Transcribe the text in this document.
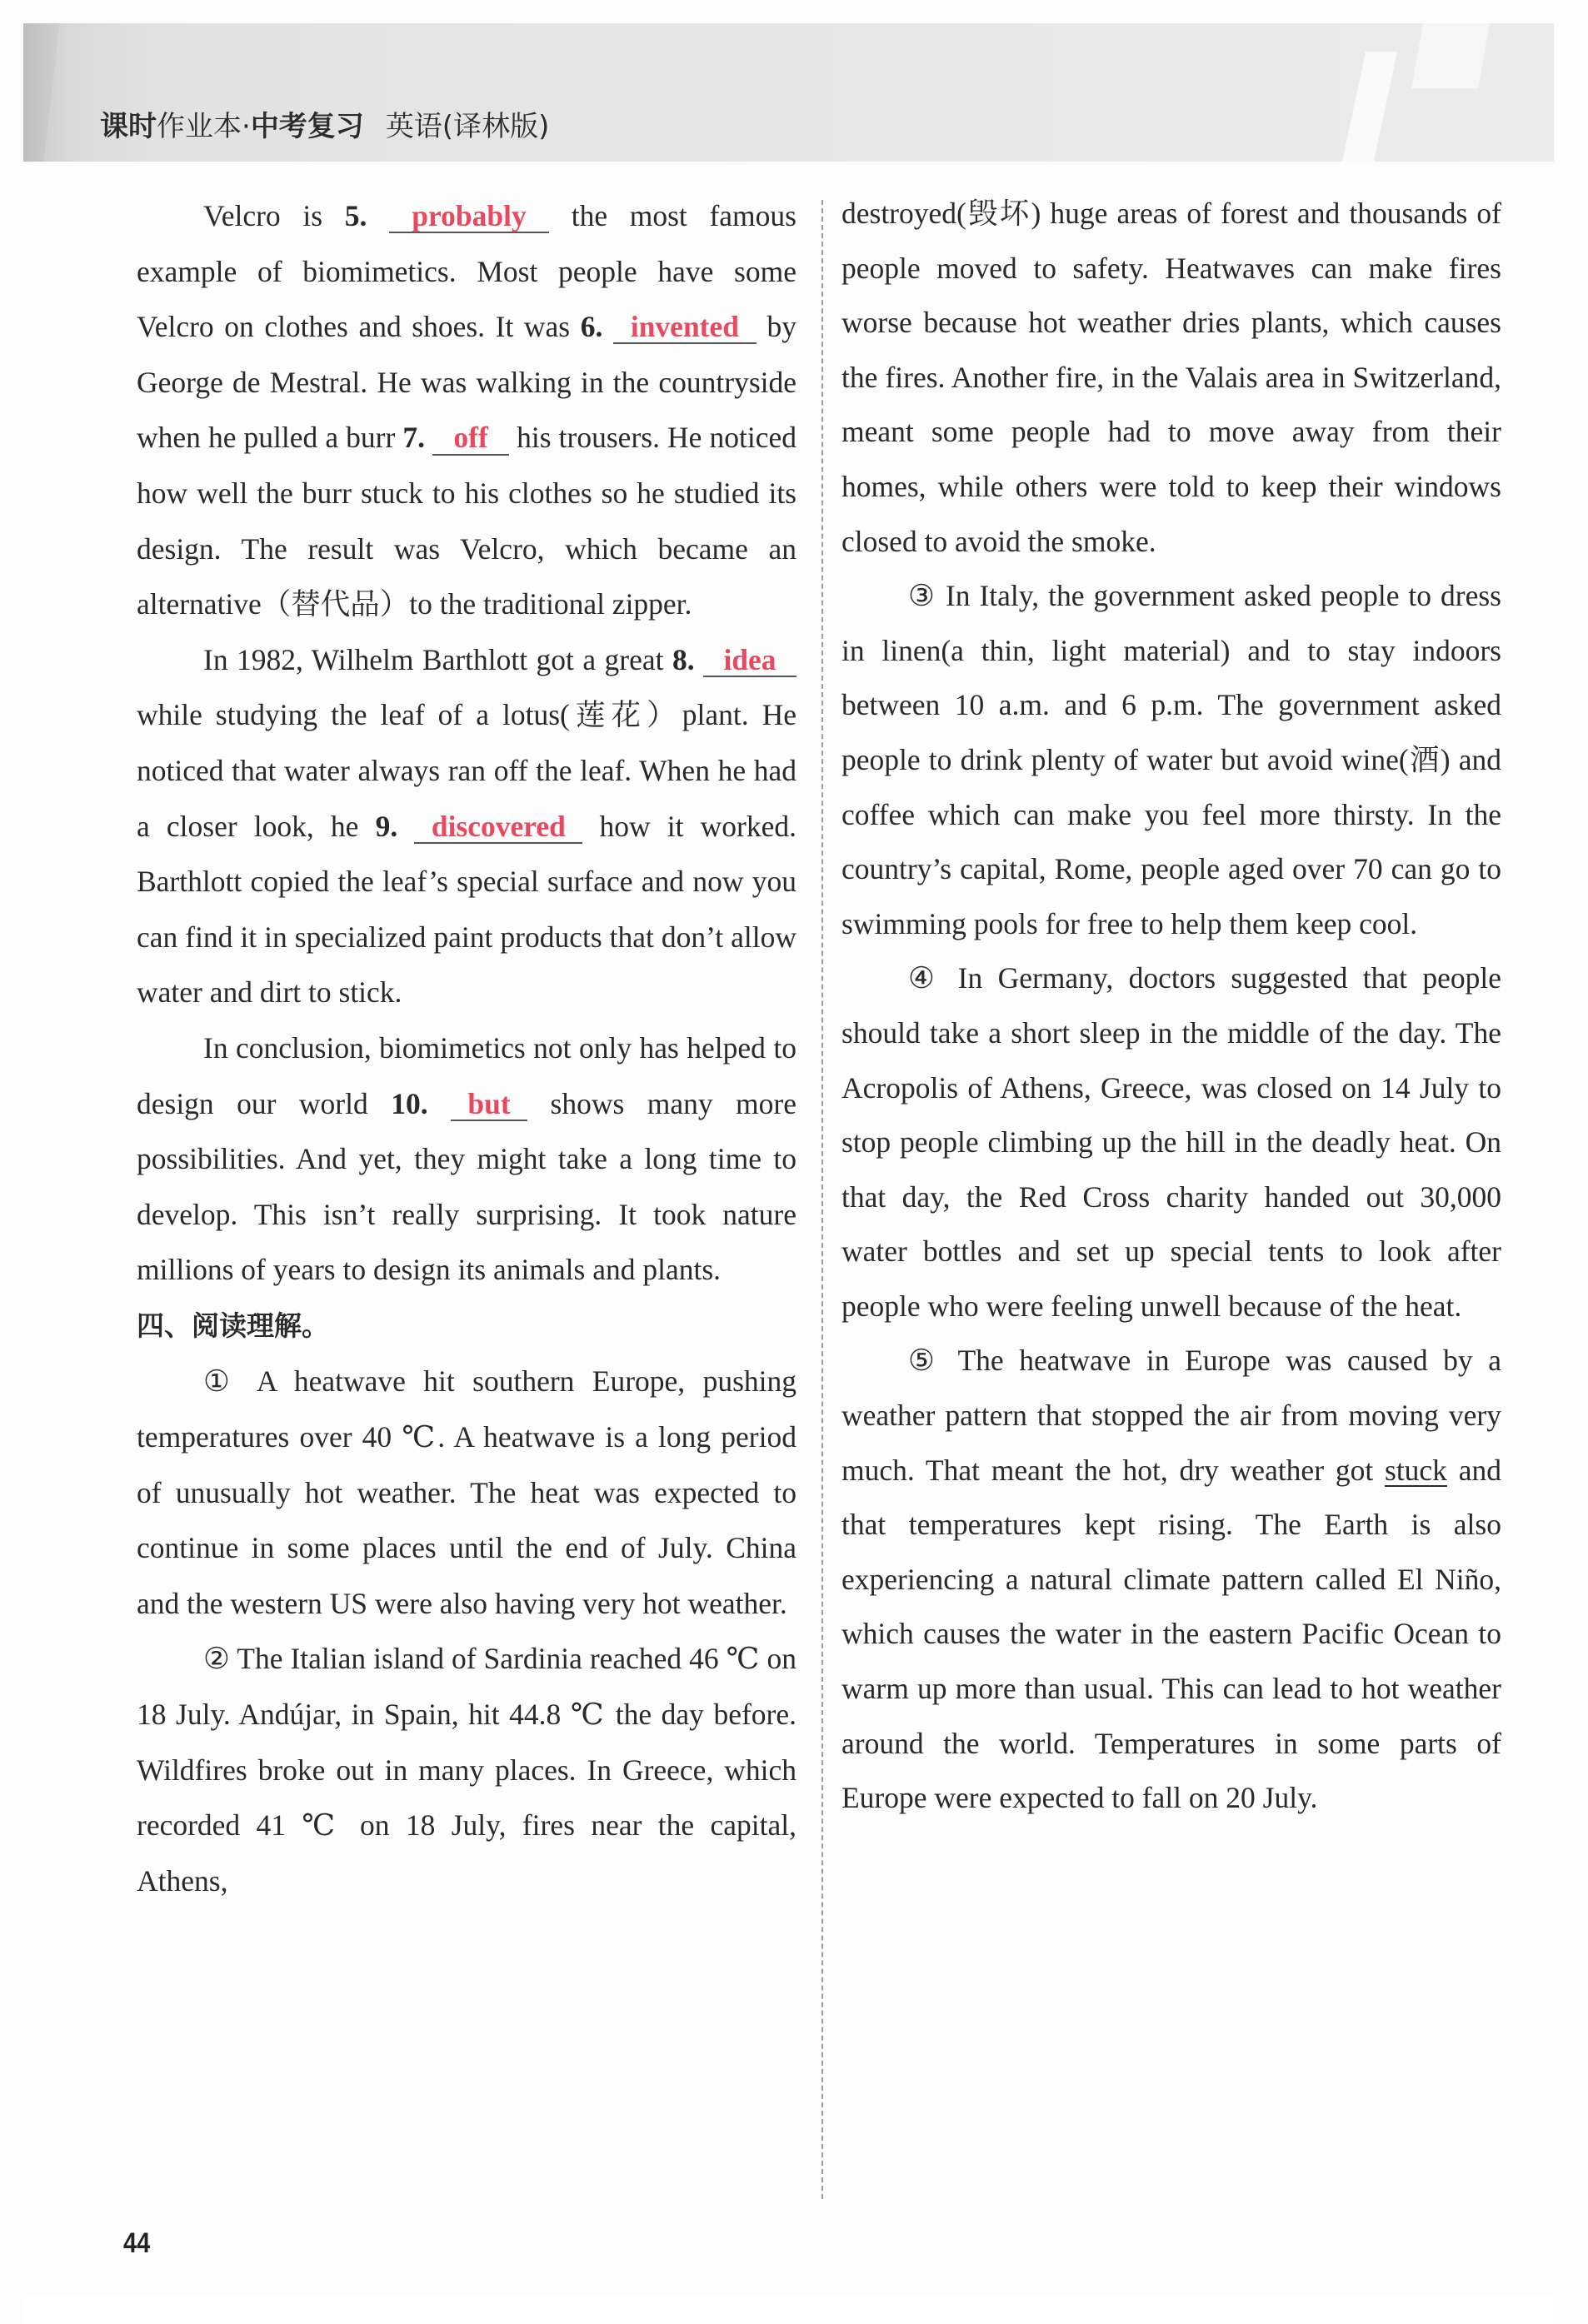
课时作业本·中考复习 英语(译林版)

Velcro is 5. probably the most famous example of biomimetics. Most people have some Velcro on clothes and shoes. It was 6. invented by George de Mestral. He was walking in the countryside when he pulled a burr 7. off his trousers. He noticed how well the burr stuck to his clothes so he studied its design. The result was Velcro, which became an alternative（替代品）to the traditional zipper.

In 1982, Wilhelm Barthlott got a great 8. idea while studying the leaf of a lotus(莲花）plant. He noticed that water always ran off the leaf. When he had a closer look, he 9. discovered how it worked. Barthlott copied the leaf’s special surface and now you can find it in specialized paint products that don’t allow water and dirt to stick.

In conclusion, biomimetics not only has helped to design our world 10. but shows many more possibilities. And yet, they might take a long time to develop. This isn’t really surprising. It took nature millions of years to design its animals and plants.

四、阅读理解。

① A heatwave hit southern Europe, pushing temperatures over 40 ℃. A heatwave is a long period of unusually hot weather. The heat was expected to continue in some places until the end of July. China and the western US were also having very hot weather.

② The Italian island of Sardinia reached 46 ℃ on 18 July. Andújar, in Spain, hit 44.8 ℃ the day before. Wildfires broke out in many places. In Greece, which recorded 41 ℃ on 18 July, fires near the capital, Athens,

destroyed(毁坏) huge areas of forest and thousands of people moved to safety. Heatwaves can make fires worse because hot weather dries plants, which causes the fires. Another fire, in the Valais area in Switzerland, meant some people had to move away from their homes, while others were told to keep their windows closed to avoid the smoke.

③ In Italy, the government asked people to dress in linen(a thin, light material) and to stay indoors between 10 a.m. and 6 p.m. The government asked people to drink plenty of water but avoid wine(酒) and coffee which can make you feel more thirsty. In the country’s capital, Rome, people aged over 70 can go to swimming pools for free to help them keep cool.

④ In Germany, doctors suggested that people should take a short sleep in the middle of the day. The Acropolis of Athens, Greece, was closed on 14 July to stop people climbing up the hill in the deadly heat. On that day, the Red Cross charity handed out 30,000 water bottles and set up special tents to look after people who were feeling unwell because of the heat.

⑤ The heatwave in Europe was caused by a weather pattern that stopped the air from moving very much. That meant the hot, dry weather got stuck and that temperatures kept rising. The Earth is also experiencing a natural climate pattern called El Niño, which causes the water in the eastern Pacific Ocean to warm up more than usual. This can lead to hot weather around the world. Temperatures in some parts of Europe were expected to fall on 20 July.

44
